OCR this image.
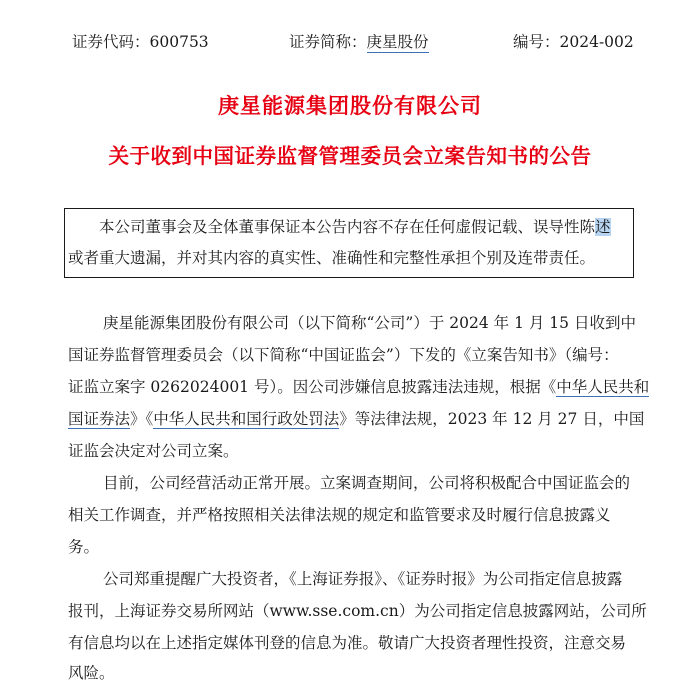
证券代码：600753	证券简称：庚星股份	编号：2024-002
庚星能源集团股份有限公司
关于收到中国证券监督管理委员会立案告知书的公告
本公司董事会及全体董事保证本公告内容不存在任何虚假记载、误导性陈述
或者重大遗漏，并对其内容的真实性、准确性和完整性承担个别及连带责任。
庚星能源集团股份有限公司（以下简称“公司”）于 2024 年 1 月 15 日收到中
国证券监督管理委员会（以下简称“中国证监会”）下发的《立案告知书》（编号：
证监立案字 0262024001 号）。因公司涉嫌信息披露违法违规，根据《中华人民共和
国证券法》《中华人民共和国行政处罚法》等法律法规，2023 年 12 月 27 日，中国
证监会决定对公司立案。
目前，公司经营活动正常开展。立案调查期间，公司将积极配合中国证监会的
相关工作调查，并严格按照相关法律法规的规定和监管要求及时履行信息披露义
务。
公司郑重提醒广大投资者，《上海证券报》、《证券时报》为公司指定信息披露
报刊，上海证券交易所网站（www.sse.com.cn）为公司指定信息披露网站，公司所
有信息均以在上述指定媒体刊登的信息为准。敬请广大投资者理性投资，注意交易
风险。
